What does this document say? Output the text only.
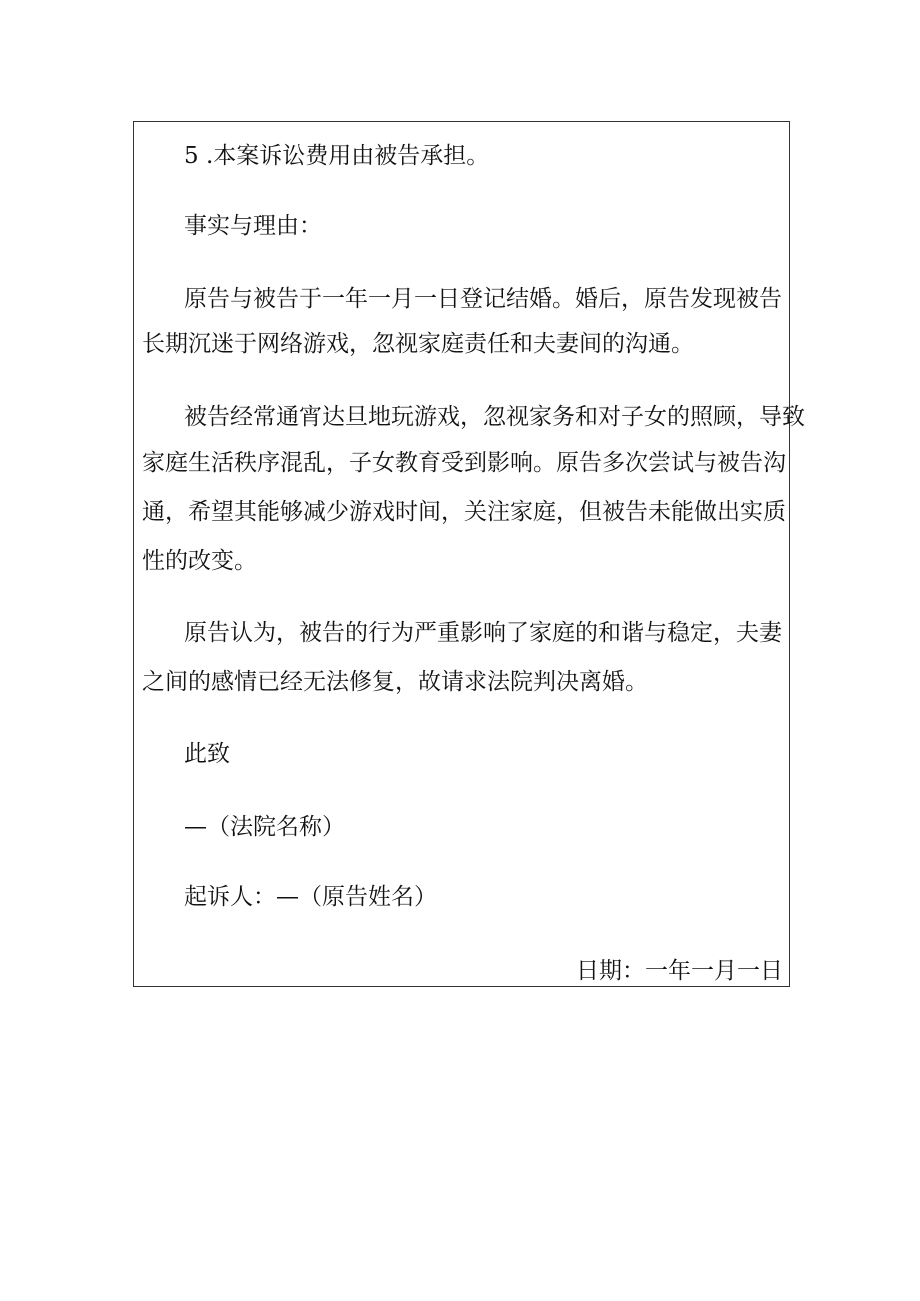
5 .本案诉讼费用由被告承担。
事实与理由：
原告与被告于一年一月一日登记结婚。婚后，原告发现被告
长期沉迷于网络游戏，忽视家庭责任和夫妻间的沟通。
被告经常通宵达旦地玩游戏，忽视家务和对子女的照顾，导致
家庭生活秩序混乱，子女教育受到影响。原告多次尝试与被告沟
通，希望其能够减少游戏时间，关注家庭，但被告未能做出实质
性的改变。
原告认为，被告的行为严重影响了家庭的和谐与稳定，夫妻
之间的感情已经无法修复，故请求法院判决离婚。
此致
—（法院名称）
起诉人：—（原告姓名）
日期：一年一月一日
